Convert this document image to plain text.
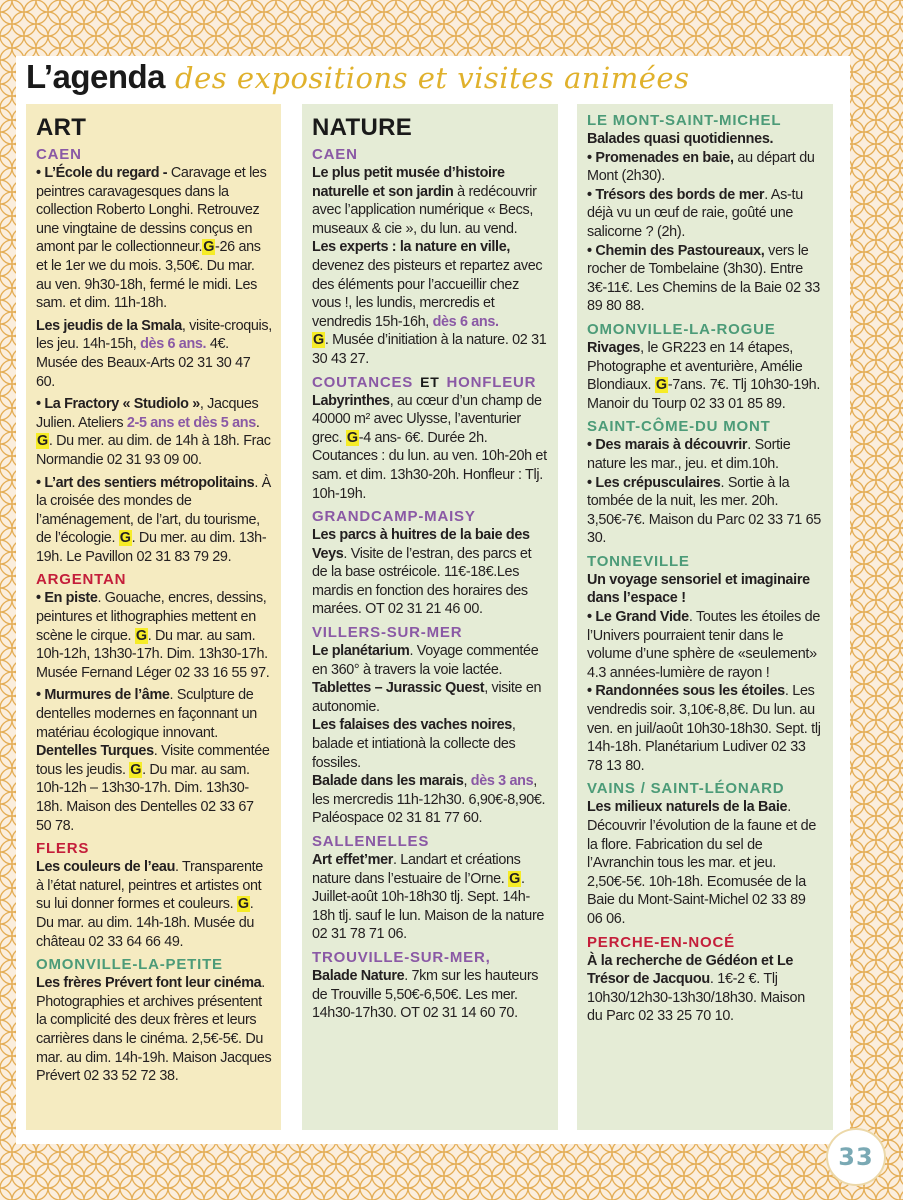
L’agenda des expositions et visites animées
ART
CAEN

• L’École du regard - Caravage et les peintres caravagesques dans la collection Roberto Longhi. Retrouvez une vingtaine de dessins conçus en amont par le collectionneur.G-26 ans et le 1er we du mois. 3,50€. Du mar. au ven. 9h30-18h, fermé le midi. Les sam. et dim. 11h-18h.

Les jeudis de la Smala, visite-croquis, les jeu. 14h-15h, dès 6 ans. 4€. Musée des Beaux-Arts 02 31 30 47 60.

• La Fractory « Studiolo », Jacques Julien. Ateliers 2-5 ans et dès 5 ans. G. Du mer. au dim. de 14h à 18h. Frac Normandie 02 31 93 09 00.

• L’art des sentiers métropolitains. À la croisée des mondes de l’aménagement, de l’art, du tourisme, de l’écologie. G. Du mer. au dim. 13h-19h. Le Pavillon 02 31 83 79 29.

ARGENTAN

• En piste. Gouache, encres, dessins, peintures et lithographies mettent en scène le cirque. G. Du mar. au sam. 10h-12h, 13h30-17h. Dim. 13h30-17h. Musée Fernand Léger 02 33 16 55 97.

• Murmures de l’âme. Sculpture de dentelles modernes en façonnant un matériau écologique innovant. Dentelles Turques. Visite commentée tous les jeudis. G. Du mar. au sam. 10h-12h – 13h30-17h. Dim. 13h30-18h. Maison des Dentelles 02 33 67 50 78.

FLERS

Les couleurs de l’eau. Transparente à l’état naturel, peintres et artistes ont su lui donner formes et couleurs. G. Du mar. au dim. 14h-18h. Musée du château 02 33 64 66 49.

OMONVILLE-LA-PETITE

Les frères Prévert font leur cinéma. Photographies et archives présentent la complicité des deux frères et leurs carrières dans le cinéma. 2,5€-5€. Du mar. au dim. 14h-19h. Maison Jacques Prévert 02 33 52 72 38.

NATURE
CAEN

Le plus petit musée d’histoire naturelle et son jardin à redécouvrir avec l’application numérique « Becs, museaux & cie », du lun. au vend.
Les experts : la nature en ville, devenez des pisteurs et repartez avec des éléments pour l’accueillir chez vous !, les lundis, mercredis et vendredis 15h-16h, dès 6 ans.
G. Musée d’initiation à la nature. 02 31 30 43 27.

COUTANCES ET HONFLEUR

Labyrinthes, au cœur d’un champ de 40000 m² avec Ulysse, l’aventurier grec. G-4 ans- 6€. Durée 2h. Coutances : du lun. au ven. 10h-20h et sam. et dim. 13h30-20h. Honfleur : Tlj. 10h-19h.

GRANDCAMP-MAISY

Les parcs à huitres de la baie des Veys. Visite de l’estran, des parcs et de la base ostréicole. 11€-18€.Les mardis en fonction des horaires des marées. OT 02 31 21 46 00.

VILLERS-SUR-MER

Le planétarium. Voyage commentée en 360° à travers la voie lactée.
Tablettes – Jurassic Quest, visite en autonomie.
Les falaises des vaches noires, balade et intiationà la collecte des fossiles.
Balade dans les marais, dès 3 ans, les mercredis 11h-12h30. 6,90€-8,90€. Paléospace 02 31 81 77 60.

SALLENELLES

Art effet’mer. Landart et créations nature dans l’estuaire de l’Orne. G. Juillet-août 10h-18h30 tlj. Sept. 14h-18h tlj. sauf le lun. Maison de la nature 02 31 78 71 06.

TROUVILLE-SUR-MER,

Balade Nature. 7km sur les hauteurs de Trouville 5,50€-6,50€. Les mer. 14h30-17h30. OT 02 31 14 60 70.

LE MONT-SAINT-MICHEL

Balades quasi quotidiennes.
• Promenades en baie, au départ du Mont (2h30).
• Trésors des bords de mer. As-tu déjà vu un œuf de raie, goûté une salicorne ? (2h).
• Chemin des Pastoureaux, vers le rocher de Tombelaine (3h30). Entre 3€-11€. Les Chemins de la Baie 02 33 89 80 88.

OMONVILLE-LA-ROGUE

Rivages, le GR223 en 14 étapes, Photographe et aventurière, Amélie Blondiaux. G-7ans. 7€. Tlj 10h30-19h. Manoir du Tourp 02 33 01 85 89.

SAINT-CÔME-DU MONT

• Des marais à découvrir. Sortie nature les mar., jeu. et dim.10h.
• Les crépusculaires. Sortie à la tombée de la nuit, les mer. 20h. 3,50€-7€. Maison du Parc 02 33 71 65 30.

TONNEVILLE

Un voyage sensoriel et imaginaire dans l’espace !
• Le Grand Vide. Toutes les étoiles de l’Univers pourraient tenir dans le volume d’une sphère de «seulement» 4.3 années-lumière de rayon !
• Randonnées sous les étoiles. Les vendredis soir. 3,10€-8,8€. Du lun. au ven. en juil/août 10h30-18h30. Sept. tlj 14h-18h. Planétarium Ludiver 02 33 78 13 80.

VAINS / SAINT-LÉONARD

Les milieux naturels de la Baie. Découvrir l’évolution de la faune et de la flore. Fabrication du sel de l’Avranchin tous les mar. et jeu. 2,50€-5€. 10h-18h. Ecomusée de la Baie du Mont-Saint-Michel 02 33 89 06 06.

PERCHE-EN-NOCÉ

À la recherche de Gédéon et Le Trésor de Jacquou. 1€-2 €. Tlj 10h30/12h30-13h30/18h30. Maison du Parc 02 33 25 70 10.

33
